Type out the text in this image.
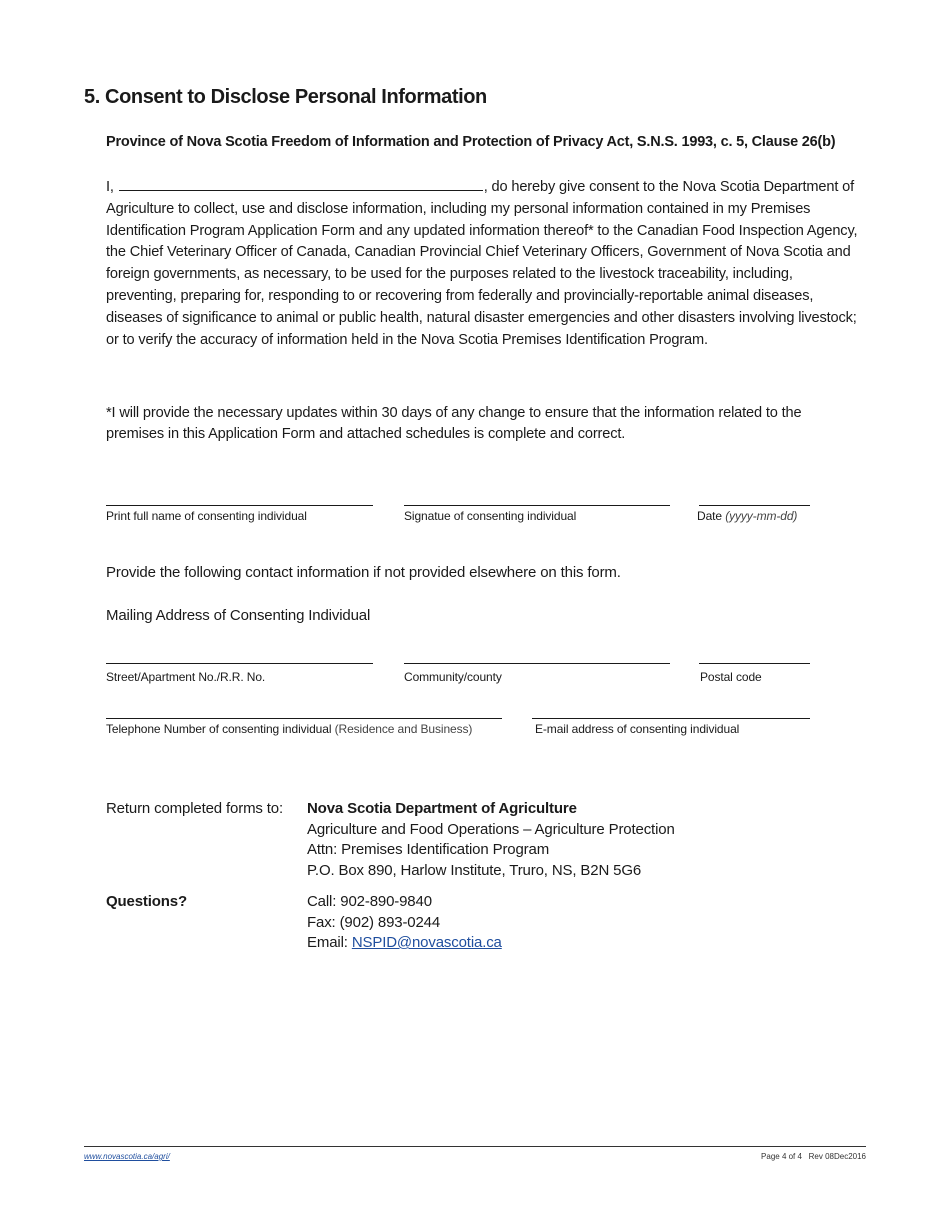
5. Consent to Disclose Personal Information
Province of Nova Scotia Freedom of Information and Protection of Privacy Act, S.N.S. 1993, c. 5, Clause 26(b)
I,	, do hereby give consent to the Nova Scotia Department of Agriculture to collect, use and disclose information, including my personal information contained in my Premises Identification Program Application Form and any updated information thereof* to the Canadian Food Inspection Agency, the Chief Veterinary Officer of Canada, Canadian Provincial Chief Veterinary Officers, Government of Nova Scotia and foreign governments, as necessary, to be used for the purposes related to the livestock traceability, including, preventing, preparing for, responding to or recovering from federally and provincially-reportable animal diseases, diseases of significance to animal or public health, natural disaster emergencies and other disasters involving livestock; or to verify the accuracy of information held in the Nova Scotia Premises Identification Program.
*I will provide the necessary updates within 30 days of any change to ensure that the information related to the premises in this Application Form and attached schedules is complete and correct.
Print full name of consenting individual	Signatue of consenting individual	Date (yyyy-mm-dd)
Provide the following contact information if not provided elsewhere on this form.
Mailing Address of Consenting Individual
Street/Apartment No./R.R. No.	Community/county	Postal code
Telephone Number of consenting individual (Residence and Business)	E-mail address of consenting individual
Return completed forms to: Nova Scotia Department of Agriculture
Agriculture and Food Operations – Agriculture Protection
Attn: Premises Identification Program
P.O. Box 890, Harlow Institute, Truro, NS, B2N 5G6
Questions?	Call: 902-890-9840
Fax: (902) 893-0244
Email: NSPID@novascotia.ca
www.novascotia.ca/agri/	Page 4 of 4 Rev 08Dec2016
